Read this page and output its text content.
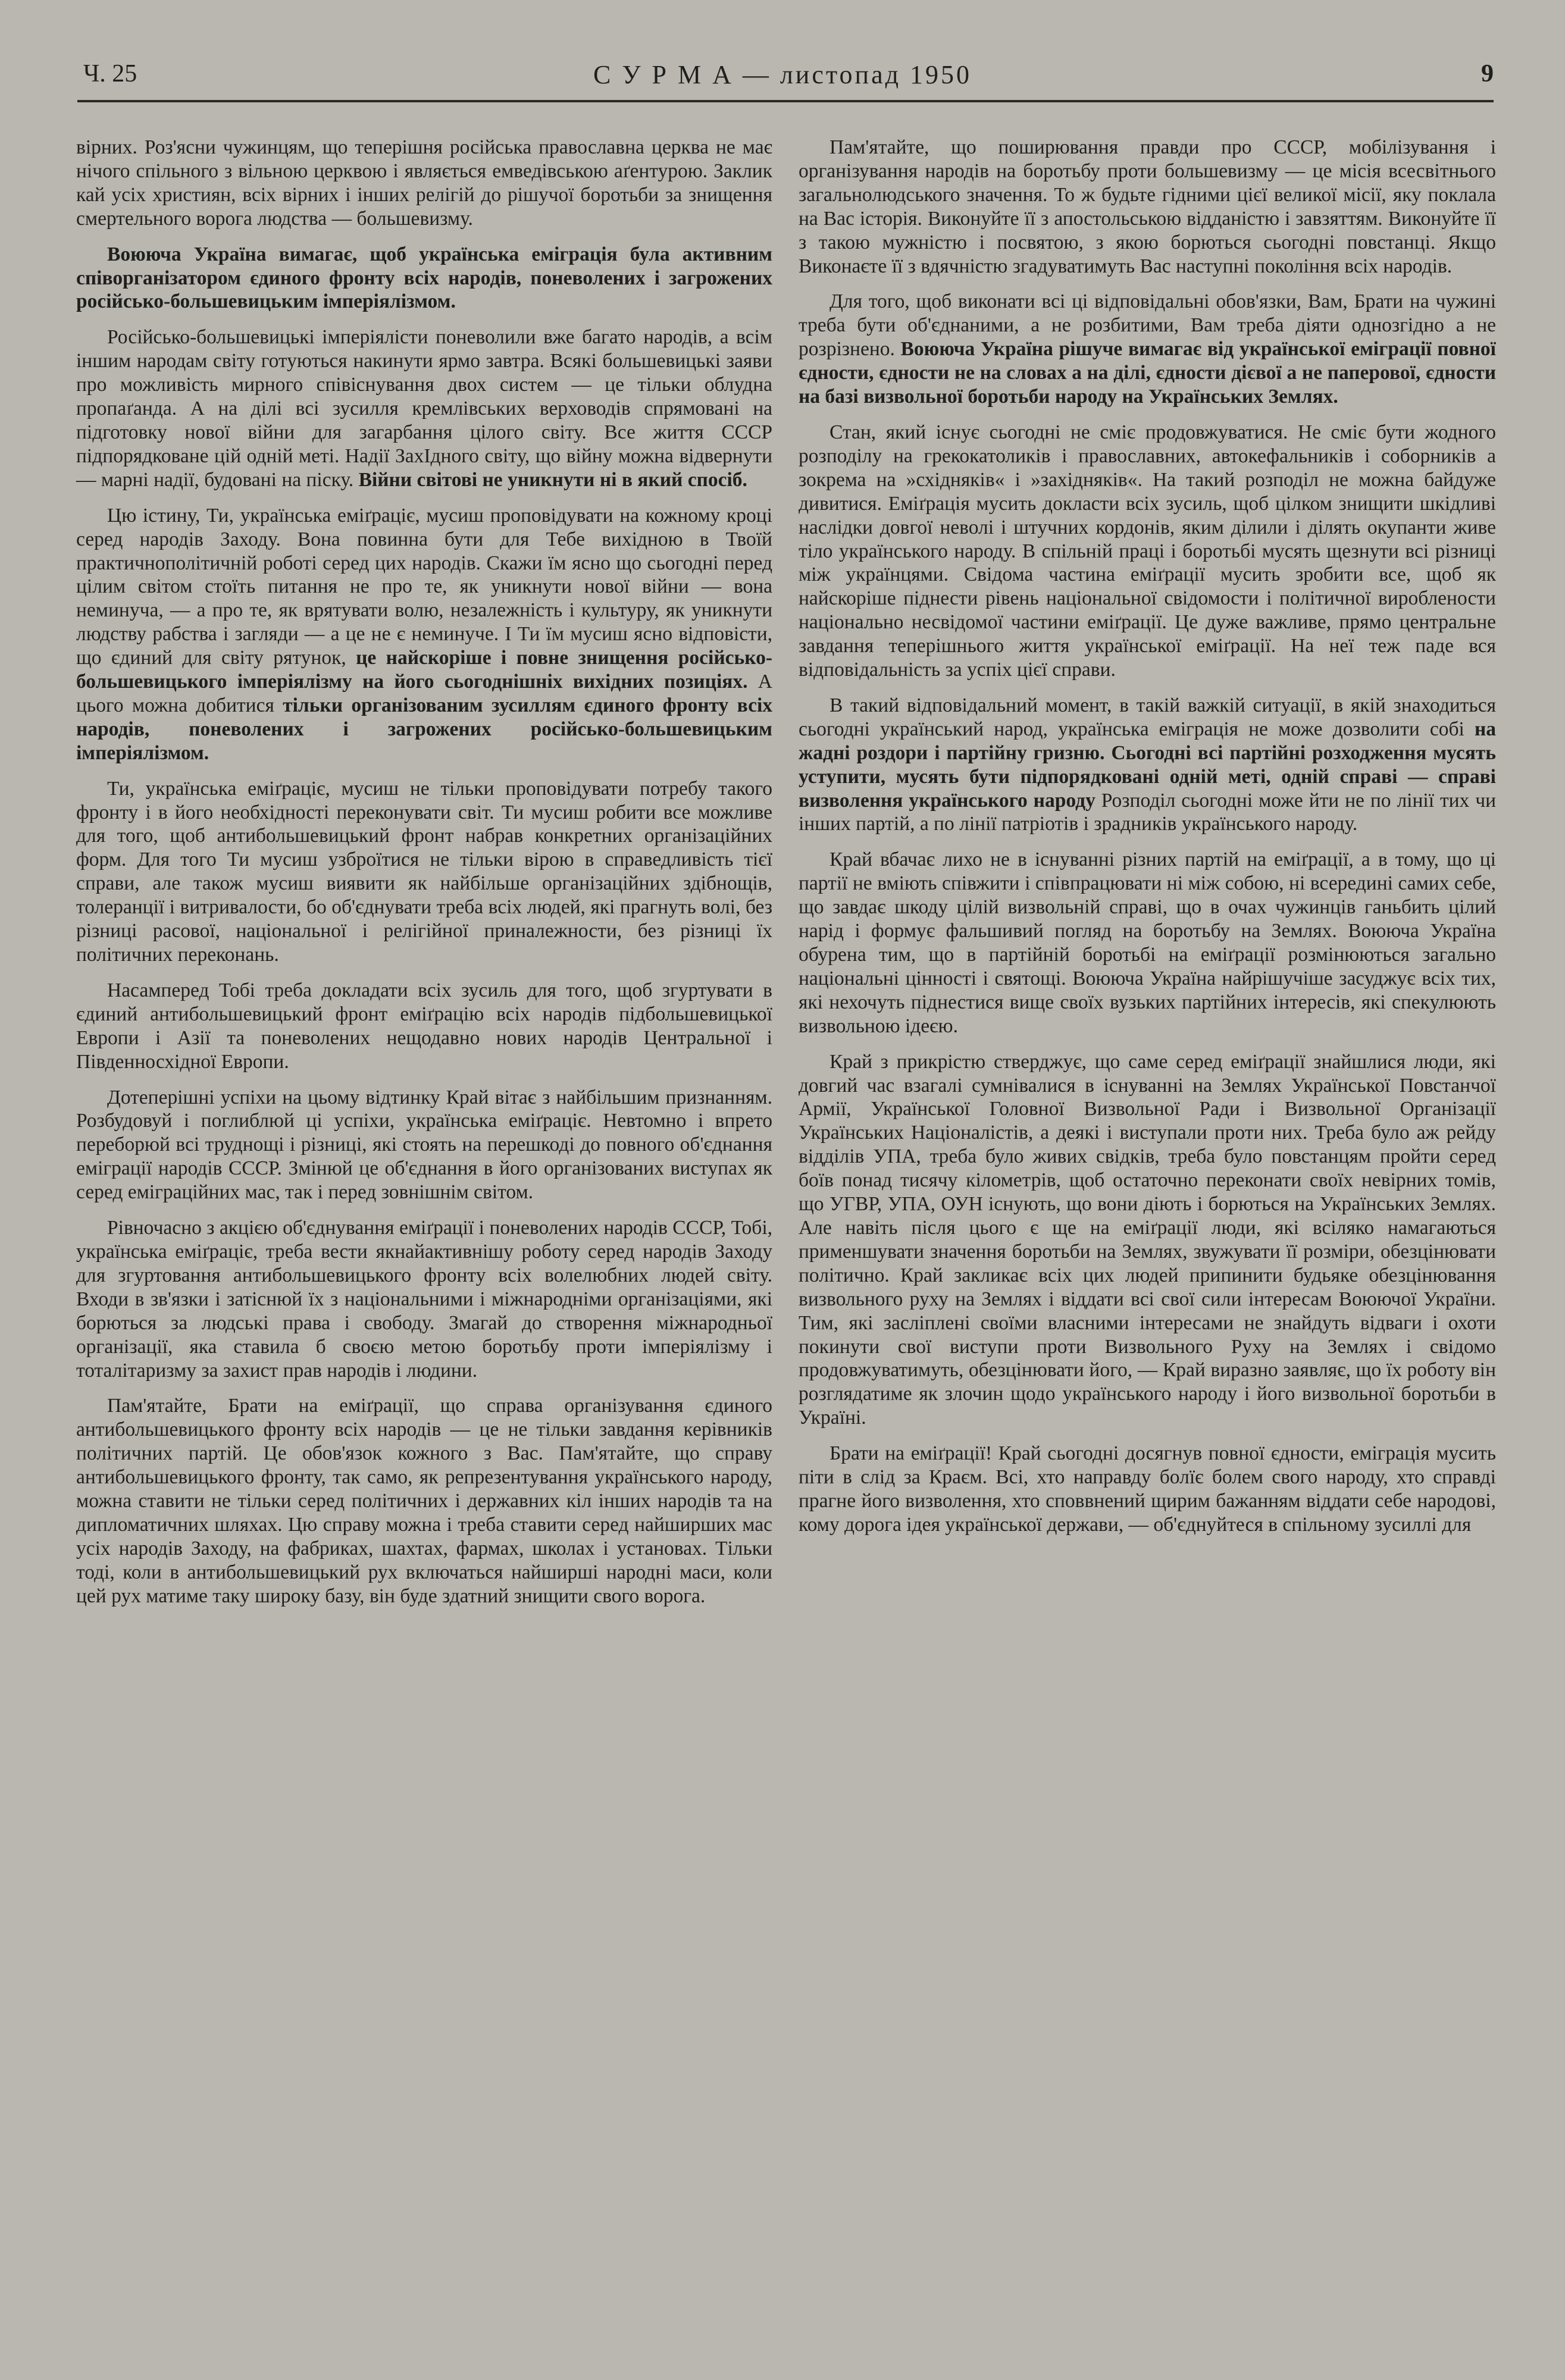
Ч. 25	С У Р М А — листопад 1950	9

вірних. Роз'ясни чужинцям, що теперішня російська православна церква не має нічого спільного з вільною церквою і являється емведівською аґентурою. Заклик кай усіх християн, всіх вірних і інших релігій до рішучої боротьби за знищення смертельного ворога людства — большевизму.

Воююча Україна вимагає, щоб українська еміграція була активним співорганізатором єдиного фронту всіх народів, поневолених і загрожених російсько-большевицьким імперіялізмом.

Російсько-большевицькі імперіялісти поневолили вже багато народів, а всім іншим народам світу готуються накинути ярмо завтра. Всякі большевицькі заяви про можливість мирного співіснування двох систем — це тільки облудна пропаґанда. А на ділі всі зусилля кремлівських верховодів спрямовані на підготовку нової війни для загарбання цілого світу. Все життя СССР підпорядковане цій одній меті. Надії ЗахІдного світу, що війну можна відвернути — марні надії, будовані на піску. Війни світові не уникнути ні в який спосіб.

Цю істину, Ти, українська еміґраціє, мусиш проповідувати на кожному кроці серед народів Заходу. Вона повинна бути для Тебе вихідною в Твоїй практичнополітичній роботі серед цих народів. Скажи їм ясно що сьогодні перед цілим світом стоїть питання не про те, як уникнути нової війни — вона неминуча, — а про те, як врятувати волю, незалежність і культуру, як уникнути людству рабства і загляди — а це не є неминуче. І Ти їм мусиш ясно відповісти, що єдиний для світу рятунок, це найскоріше і повне знищення російсько-большевицького імперіялізму на його сьогоднішніх вихідних позиціях. А цього можна добитися тільки організованим зусиллям єдиного фронту всіх народів, поневолених і загрожених російсько-большевицьким імперіялізмом.

Ти, українська еміґраціє, мусиш не тільки проповідувати потребу такого фронту і в його необхідності переконувати світ. Ти мусиш робити все можливе для того, щоб антибольшевицький фронт набрав конкретних організаційних форм. Для того Ти мусиш узброїтися не тільки вірою в справедливість тієї справи, але також мусиш виявити як найбільше організаційних здібнощів, толеранції і витривалости, бо об'єднувати треба всіх людей, які прагнуть волі, без різниці расової, національної і релігійної приналежности, без різниці їх політичних переконань.

Насамперед Тобі треба докладати всіх зусиль для того, щоб згуртувати в єдиний антибольшевицький фронт еміґрацію всіх народів підбольшевицької Европи і Азії та поневолених нещодавно нових народів Центральної і Південносхідної Европи.

Дотеперішні успіхи на цьому відтинку Край вітає з найбільшим признанням. Розбудовуй і поглиблюй ці успіхи, українська еміґраціє. Невтомно і впрето переборюй всі труднощі і різниці, які стоять на перешкоді до повного об'єднання еміграції народів СССР. Змінюй це об'єднання в його організованих виступах як серед еміграційних мас, так і перед зовнішнім світом.

Рівночасно з акцією об'єднування еміґрації і поневолених народів СССР, Тобі, українська еміґраціє, треба вести якнайактивнішу роботу серед народів Заходу для згуртовання антибольшевицького фронту всіх волелюбних людей світу. Входи в зв'язки і затіснюй їх з національними і міжнародніми організаціями, які борються за людські права і свободу. Змагай до створення міжнародньої організації, яка ставила б своєю метою боротьбу проти імперіялізму і тоталітаризму за захист прав народів і людини.

Пам'ятайте, Брати на еміґрації, що справа організування єдиного антибольшевицького фронту всіх народів — це не тільки завдання керівників політичних партій. Це обов'язок кожного з Вас. Пам'ятайте, що справу антибольшевицького фронту, так само, як репрезентування українського народу, можна ставити не тільки серед політичних і державних кіл інших народів та на дипломатичних шляхах. Цю справу можна і треба ставити серед найширших мас усіх народів Заходу, на фабриках, шахтах, фармах, школах і установах. Тільки тоді, коли в антибольшевицький рух включаться найширші народні маси, коли цей рух матиме таку широку базу, він буде здатний знищити свого ворога.

Пам'ятайте, що поширювання правди про СССР, мобілізування і організування народів на боротьбу проти большевизму — це місія всесвітнього загальнолюдського значення. То ж будьте гідними цієї великої місії, яку поклала на Вас історія. Виконуйте її з апостольською відданістю і завзяттям. Виконуйте її з такою мужністю і посвятою, з якою борються сьогодні повстанці. Якщо Виконаєте її з вдячністю згадуватимуть Вас наступні покоління всіх народів.

Для того, щоб виконати всі ці відповідальні обов'язки, Вам, Брати на чужині треба бути об'єднаними, а не розбитими, Вам треба діяти однозгідно а не розрізнено. Воююча Україна рішуче вимагає від української еміграції повної єдности, єдности не на словах а на ділі, єдности дієвої а не паперової, єдности на базі визвольної боротьби народу на Українських Землях.

Стан, який існує сьогодні не сміє продовжуватися. Не сміє бути жодного розподілу на грекокатоликів і православних, автокефальників і соборників а зокрема на »східняків« і »західняків«. На такий розподіл не можна байдуже дивитися. Еміґрація мусить докласти всіх зусиль, щоб цілком знищити шкідливі наслідки довгої неволі і штучних кордонів, яким ділили і ділять окупанти живе тіло українського народу. В спільній праці і боротьбі мусять щезнути всі різниці між українцями. Свідома частина еміґрації мусить зробити все, щоб як найскоріше піднести рівень національної свідомости і політичної вироблености національно несвідомої частини еміґрації. Це дуже важливе, прямо центральне завдання теперішнього життя української еміґрації. На неї теж паде вся відповідальність за успіх цієї справи.

В такий відповідальний момент, в такій важкій ситуації, в якій знаходиться сьогодні український народ, українська еміграція не може дозволити собі на жадні роздори і партійну гризню. Сьогодні всі партійні розходження мусять уступити, мусять бути підпорядковані одній меті, одній справі — справі визволення українського народу Розподіл сьогодні може йти не по лінії тих чи інших партій, а по лінії патріотів і зрадників українського народу.

Край вбачає лихо не в існуванні різних партій на еміґрації, а в тому, що ці партії не вміють співжити і співпрацювати ні між собою, ні всередині самих себе, що завдає шкоду цілій визвольній справі, що в очах чужинців ганьбить цілий нарід і формує фальшивий погляд на боротьбу на Землях. Воююча Україна обурена тим, що в партійній боротьбі на еміґрації розмінюються загально національні цінності і святощі. Воююча Україна найрішучіше засуджує всіх тих, які нехочуть піднестися вище своїх вузьких партійних інтересів, які спекулюють визвольною ідеєю.

Край з прикрістю стверджує, що саме серед еміґрації знайшлися люди, які довгий час взагалі сумнівалися в існуванні на Землях Української Повстанчої Армії, Української Головної Визвольної Ради і Визвольної Організації Українських Націоналістів, а деякі і виступали проти них. Треба було аж рейду відділів УПА, треба було живих свідків, треба було повстанцям пройти серед боїв понад тисячу кілометрів, щоб остаточно переконати своїх невірних томів, що УГВР, УПА, ОУН існують, що вони діють і борються на Українських Землях. Але навіть після цього є ще на еміґрації люди, які всіляко намагаються применшувати значення боротьби на Землях, звужувати її розміри, обезцінювати політично. Край закликає всіх цих людей припинити будьяке обезцінювання визвольного руху на Землях і віддати всі свої сили інтересам Воюючої України. Тим, які засліплені своїми власними інтересами не знайдуть відваги і охоти покинути свої виступи проти Визвольного Руху на Землях і свідомо продовжуватимуть, обезцінювати його, — Край виразно заявляє, що їх роботу він розглядатиме як злочин щодо українського народу і його визвольної боротьби в Україні.

Брати на еміґрації! Край сьогодні досягнув повної єдности, еміграція мусить піти в слід за Краєм. Всі, хто направду болїє болем свого народу, хто справді прагне його визволення, хто споввнений щирим бажанням віддати себе народові, кому дорога ідея української держави, — об'єднуйтеся в спільному зусиллі для
